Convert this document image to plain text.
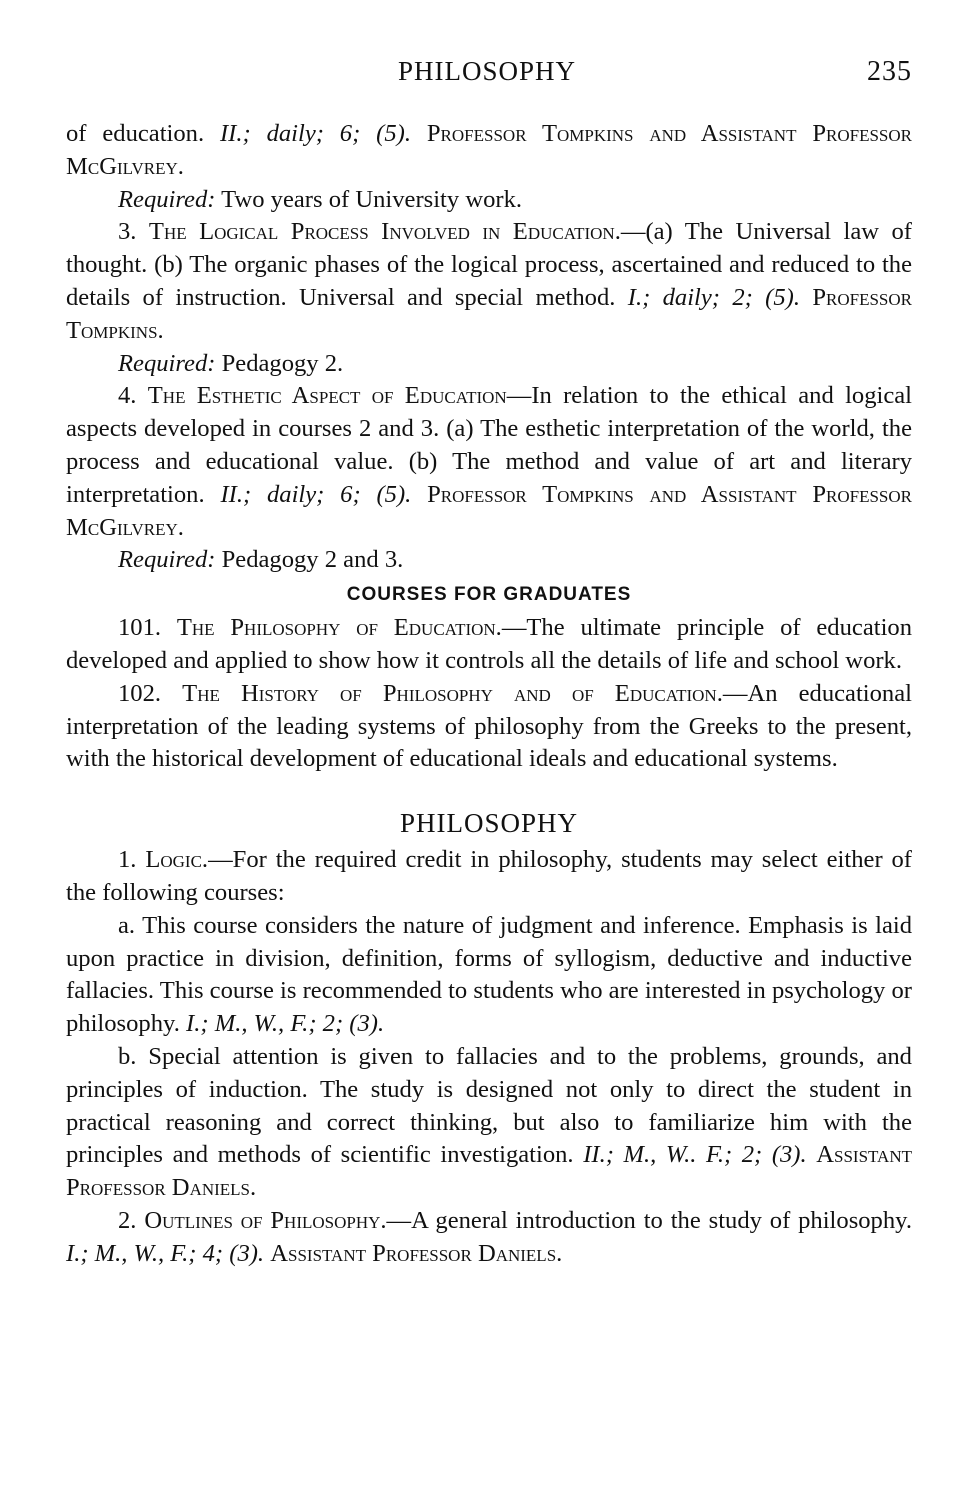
PHILOSOPHY	235

of education. II.; daily; 6; (5). Professor Tompkins and Assistant Professor McGilvrey.

Required: Two years of University work.

3. The Logical Process Involved in Education.—(a) The Universal law of thought. (b) The organic phases of the logical process, ascertained and reduced to the details of instruction. Universal and special method. I.; daily; 2; (5). Professor Tompkins.

Required: Pedagogy 2.

4. The Esthetic Aspect of Education—In relation to the ethical and logical aspects developed in courses 2 and 3. (a) The esthetic interpretation of the world, the process and educational value. (b) The method and value of art and literary interpretation. II.; daily; 6; (5). Professor Tompkins and Assistant Professor McGilvrey.

Required: Pedagogy 2 and 3.

COURSES FOR GRADUATES

101. The Philosophy of Education.—The ultimate principle of education developed and applied to show how it controls all the details of life and school work.

102. The History of Philosophy and of Education.—An educational interpretation of the leading systems of philosophy from the Greeks to the present, with the historical development of educational ideals and educational systems.

PHILOSOPHY

1. Logic.—For the required credit in philosophy, students may select either of the following courses:

a. This course considers the nature of judgment and inference. Emphasis is laid upon practice in division, definition, forms of syllogism, deductive and inductive fallacies. This course is recommended to students who are interested in psychology or philosophy. I.; M., W., F.; 2; (3).

b. Special attention is given to fallacies and to the problems, grounds, and principles of induction. The study is designed not only to direct the student in practical reasoning and correct thinking, but also to familiarize him with the principles and methods of scientific investigation. II.; M., W.. F.; 2; (3). Assistant Professor Daniels.

2. Outlines of Philosophy.—A general introduction to the study of philosophy. I.; M., W., F.; 4; (3). Assistant Professor Daniels.
